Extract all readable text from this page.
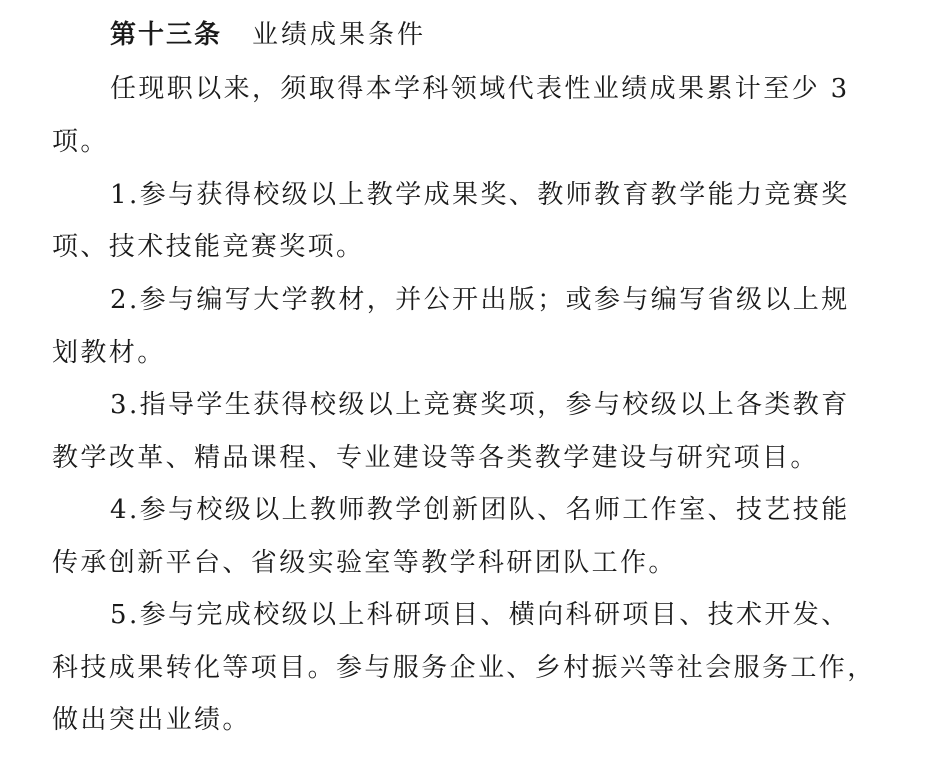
第十三条 业绩成果条件
任现职以来，须取得本学科领域代表性业绩成果累计至少 3
项。
1.参与获得校级以上教学成果奖、教师教育教学能力竞赛奖
项、技术技能竞赛奖项。
2.参与编写大学教材，并公开出版；或参与编写省级以上规
划教材。
3.指导学生获得校级以上竞赛奖项，参与校级以上各类教育
教学改革、精品课程、专业建设等各类教学建设与研究项目。
4.参与校级以上教师教学创新团队、名师工作室、技艺技能
传承创新平台、省级实验室等教学科研团队工作。
5.参与完成校级以上科研项目、横向科研项目、技术开发、
科技成果转化等项目。参与服务企业、乡村振兴等社会服务工作，
做出突出业绩。
